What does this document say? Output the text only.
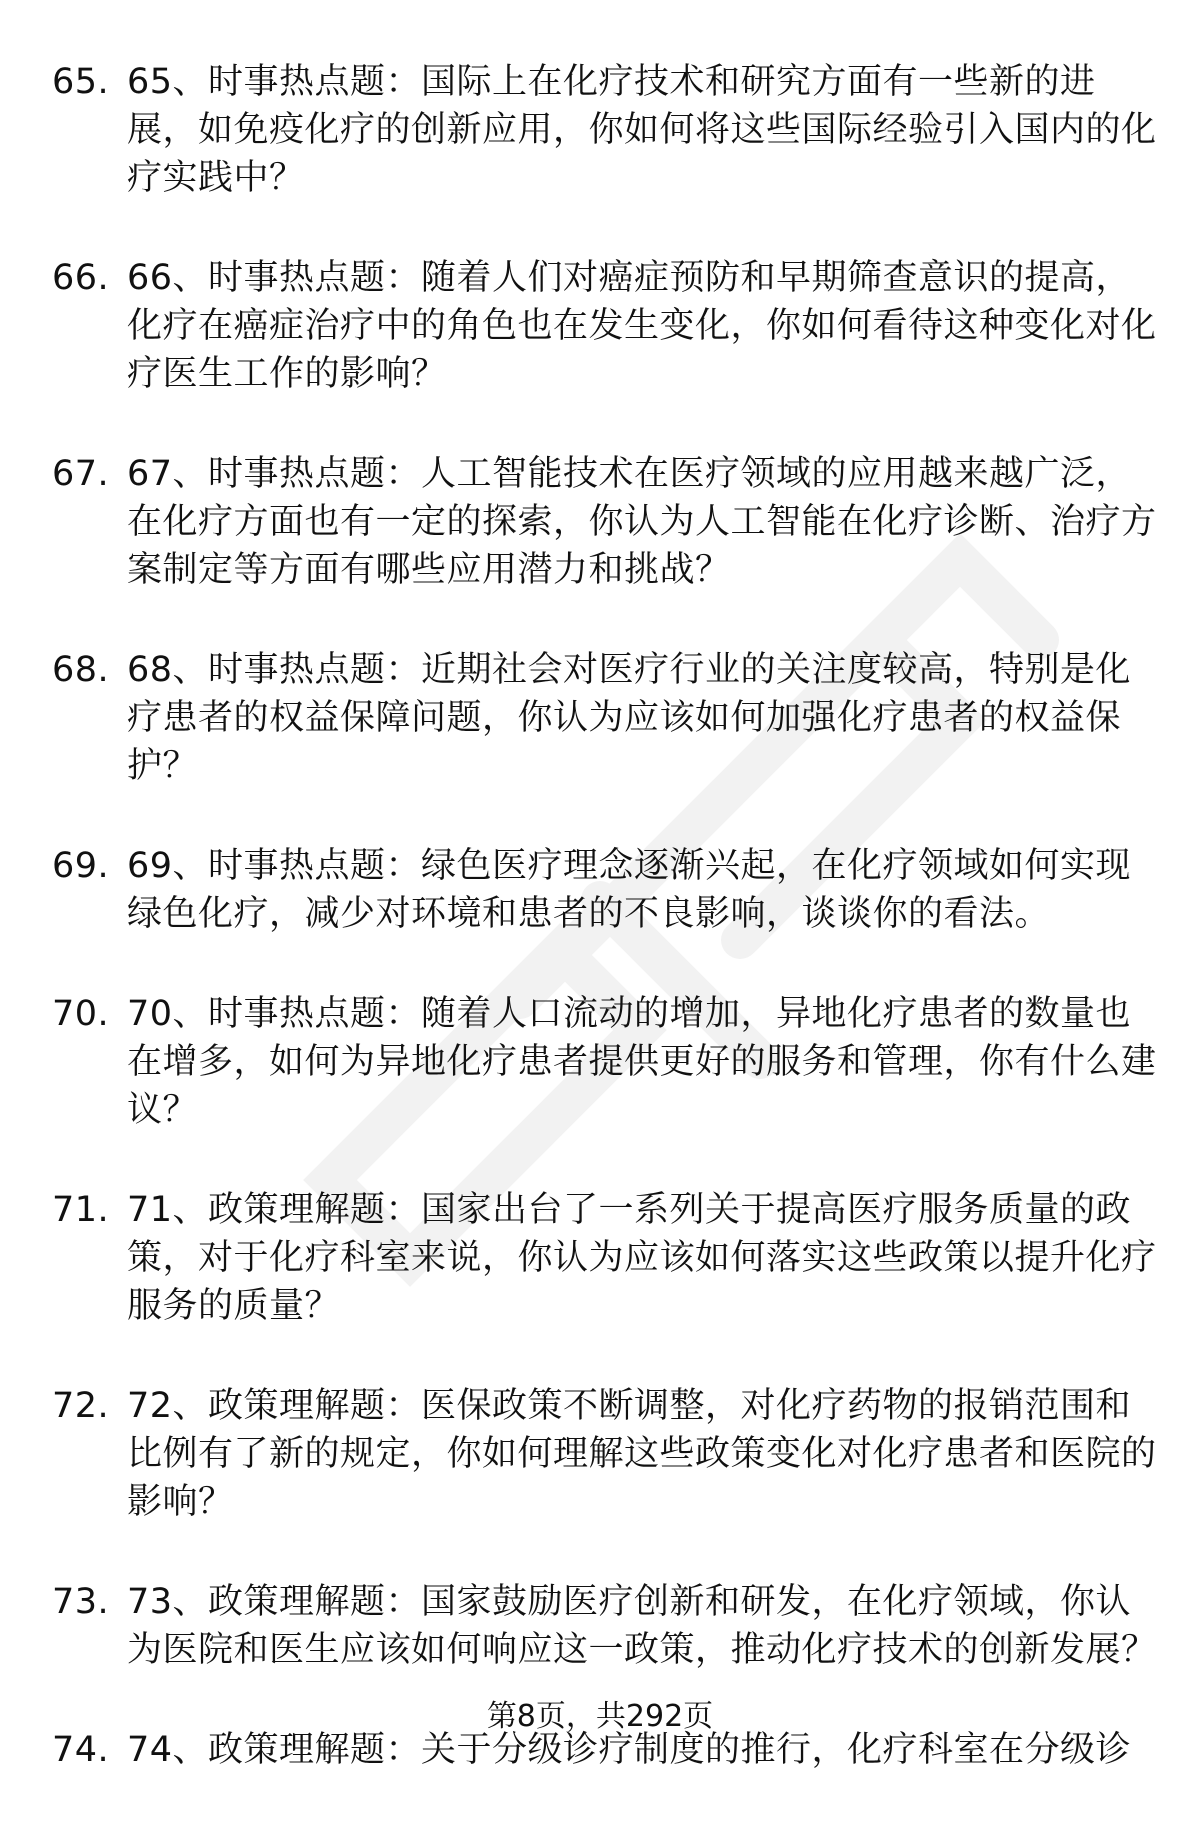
65. 65、时事热点题：国际上在化疗技术和研究方面有一些新的进展，如免疫化疗的创新应用，你如何将这些国际经验引入国内的化疗实践中？
66. 66、时事热点题：随着人们对癌症预防和早期筛查意识的提高，化疗在癌症治疗中的角色也在发生变化，你如何看待这种变化对化疗医生工作的影响？
67. 67、时事热点题：人工智能技术在医疗领域的应用越来越广泛，在化疗方面也有一定的探索，你认为人工智能在化疗诊断、治疗方案制定等方面有哪些应用潜力和挑战？
68. 68、时事热点题：近期社会对医疗行业的关注度较高，特别是化疗患者的权益保障问题，你认为应该如何加强化疗患者的权益保护？
69. 69、时事热点题：绿色医疗理念逐渐兴起，在化疗领域如何实现绿色化疗，减少对环境和患者的不良影响，谈谈你的看法。
70. 70、时事热点题：随着人口流动的增加，异地化疗患者的数量也在增多，如何为异地化疗患者提供更好的服务和管理，你有什么建议？
71. 71、政策理解题：国家出台了一系列关于提高医疗服务质量的政策，对于化疗科室来说，你认为应该如何落实这些政策以提升化疗服务的质量？
72. 72、政策理解题：医保政策不断调整，对化疗药物的报销范围和比例有了新的规定，你如何理解这些政策变化对化疗患者和医院的影响？
73. 73、政策理解题：国家鼓励医疗创新和研发，在化疗领域，你认为医院和医生应该如何响应这一政策，推动化疗技术的创新发展？
74. 74、政策理解题：关于分级诊疗制度的推行，化疗科室在分级诊
第8页，共292页
